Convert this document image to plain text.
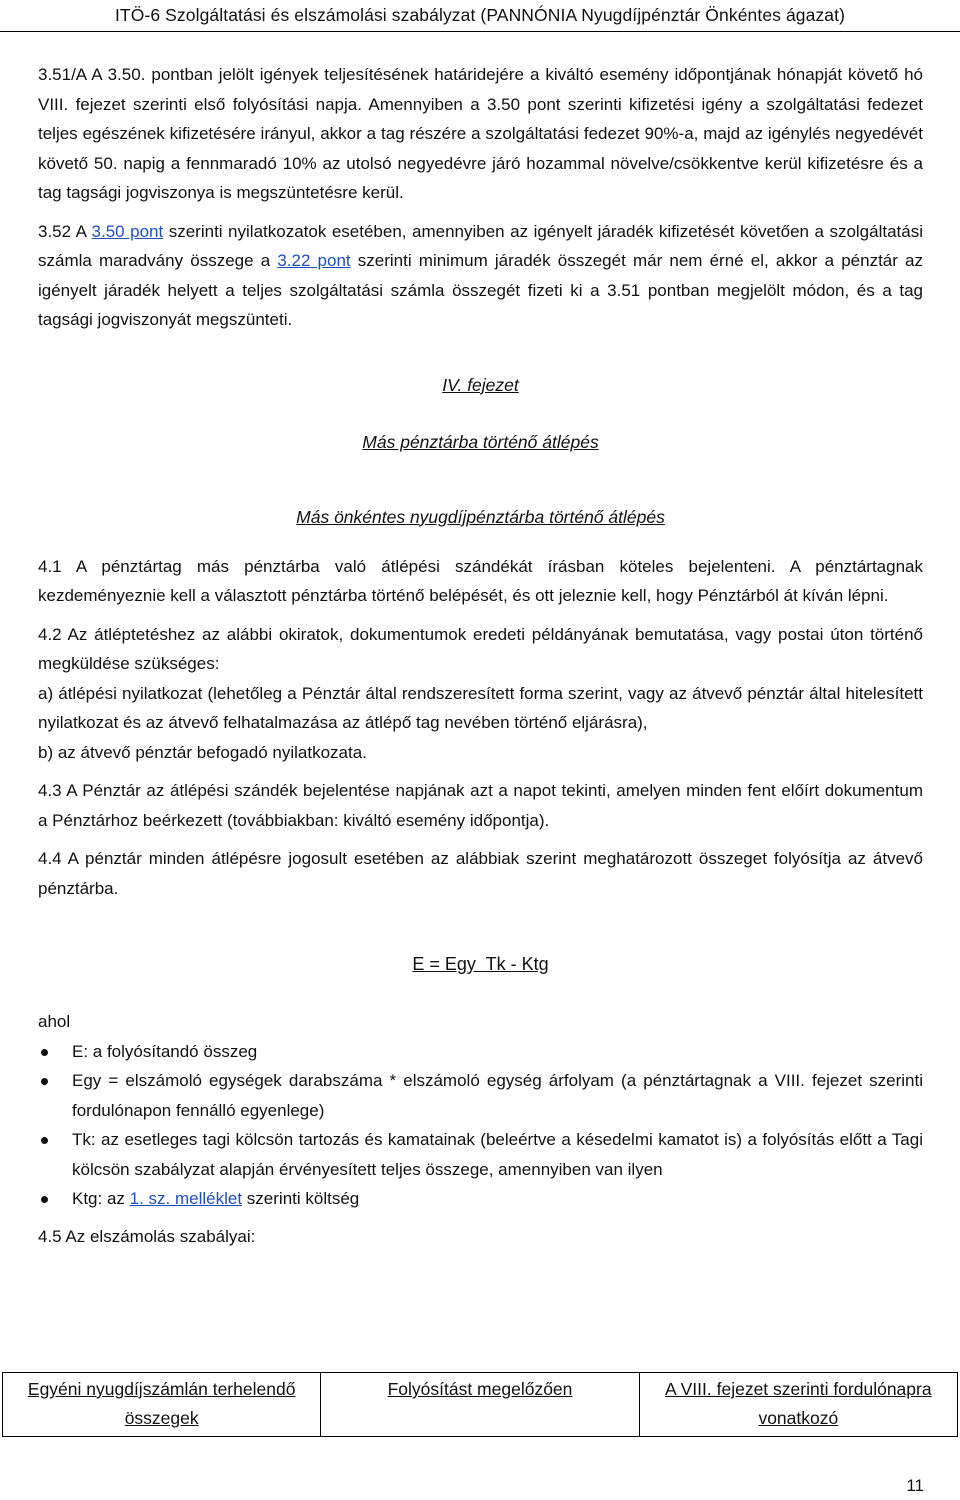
ITÖ-6 Szolgáltatási és elszámolási szabályzat (PANNÓNIA Nyugdíjpénztár Önkéntes ágazat)

3.51/A A 3.50. pontban jelölt igények teljesítésének határidejére a kiváltó esemény időpontjának hónapját követő hó VIII. fejezet szerinti első folyósítási napja. Amennyiben a 3.50 pont szerinti kifizetési igény a szolgáltatási fedezet teljes egészének kifizetésére irányul, akkor a tag részére a szolgáltatási fedezet 90%-a, majd az igénylés negyedévét követő 50. napig a fennmaradó 10% az utolsó negyedévre járó hozammal növelve/csökkentve kerül kifizetésre és a tag tagsági jogviszonya is megszüntetésre kerül.

3.52 A 3.50 pont szerinti nyilatkozatok esetében, amennyiben az igényelt járadék kifizetését követően a szolgáltatási számla maradvány összege a 3.22 pont szerinti minimum járadék összegét már nem érné el, akkor a pénztár az igényelt járadék helyett a teljes szolgáltatási számla összegét fizeti ki a 3.51 pontban megjelölt módon, és a tag tagsági jogviszonyát megszünteti.

IV. fejezet
Más pénztárba történő átlépés
Más önkéntes nyugdíjpénztárba történő átlépés

4.1 A pénztártag más pénztárba való átlépési szándékát írásban köteles bejelenteni. A pénztártagnak kezdeményeznie kell a választott pénztárba történő belépését, és ott jeleznie kell, hogy Pénztárból át kíván lépni.

4.2 Az átléptetéshez az alábbi okiratok, dokumentumok eredeti példányának bemutatása, vagy postai úton történő megküldése szükséges:

a) átlépési nyilatkozat (lehetőleg a Pénztár által rendszeresített forma szerint, vagy az átvevő pénztár által hitelesített nyilatkozat és az átvevő felhatalmazása az átlépő tag nevében történő eljárásra),

b) az átvevő pénztár befogadó nyilatkozata.

4.3 A Pénztár az átlépési szándék bejelentése napjának azt a napot tekinti, amelyen minden fent előírt dokumentum a Pénztárhoz beérkezett (továbbiakban: kiváltó esemény időpontja).

4.4 A pénztár minden átlépésre jogosult esetében az alábbiak szerint meghatározott összeget folyósítja az átvevő pénztárba.

E = Egy  Tk - Ktg

ahol

E: a folyósítandó összeg
Egy = elszámoló egységek darabszáma * elszámoló egység árfolyam (a pénztártagnak a VIII. fejezet szerinti fordulónapon fennálló egyenlege)
Tk: az esetleges tagi kölcsön tartozás és kamatainak (beleértve a késedelmi kamatot is) a folyósítás előtt a Tagi kölcsön szabályzat alapján érvényesített teljes összege, amennyiben van ilyen
Ktg: az 1. sz. melléklet szerinti költség

4.5 Az elszámolás szabályai:

Egyéni nyugdíjszámlán terhelendő összegek	Folyósítást megelőzően	A VIII. fejezet szerinti fordulónapra vonatkozó
11
